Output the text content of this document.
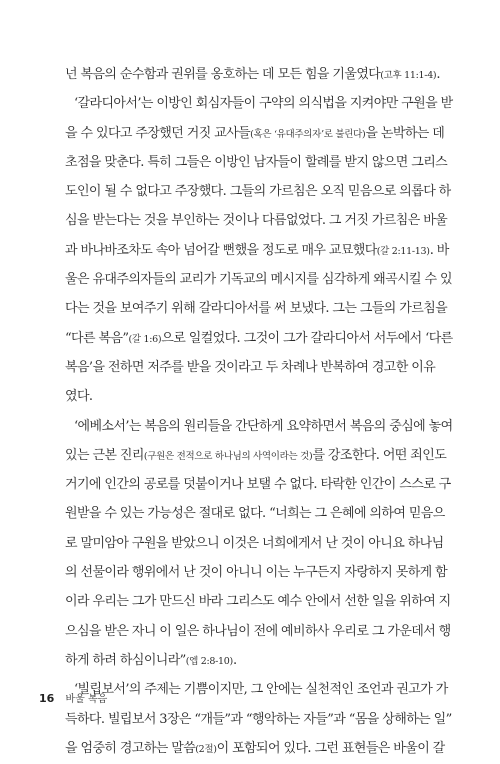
넌 복음의 순수함과 권위를 옹호하는 데 모든 힘을 기울였다(고후 11:1-4).
‘갈라디아서’는 이방인 회심자들이 구약의 의식법을 지켜야만 구원을 받
을 수 있다고 주장했던 거짓 교사들(혹은 ‘유대주의자’로 불린다)을 논박하는 데
초점을 맞춘다. 특히 그들은 이방인 남자들이 할례를 받지 않으면 그리스
도인이 될 수 없다고 주장했다. 그들의 가르침은 오직 믿음으로 의롭다 하
심을 받는다는 것을 부인하는 것이나 다름없었다. 그 거짓 가르침은 바울
과 바나바조차도 속아 넘어갈 뻔했을 정도로 매우 교묘했다(갈 2:11-13). 바
울은 유대주의자들의 교리가 기독교의 메시지를 심각하게 왜곡시킬 수 있
다는 것을 보여주기 위해 갈라디아서를 써 보냈다. 그는 그들의 가르침을
“다른 복음”(갈 1:6)으로 일컬었다. 그것이 그가 갈라디아서 서두에서 ‘다른
복음’을 전하면 저주를 받을 것이라고 두 차례나 반복하여 경고한 이유
였다.
‘에베소서’는 복음의 원리들을 간단하게 요약하면서 복음의 중심에 놓여
있는 근본 진리(구원은 전적으로 하나님의 사역이라는 것)를 강조한다. 어떤 죄인도
거기에 인간의 공로를 덧붙이거나 보탤 수 없다. 타락한 인간이 스스로 구
원받을 수 있는 가능성은 절대로 없다. “너희는 그 은혜에 의하여 믿음으
로 말미암아 구원을 받았으니 이것은 너희에게서 난 것이 아니요 하나님
의 선물이라 행위에서 난 것이 아니니 이는 누구든지 자랑하지 못하게 함
이라 우리는 그가 만드신 바라 그리스도 예수 안에서 선한 일을 위하여 지
으심을 받은 자니 이 일은 하나님이 전에 예비하사 우리로 그 가운데서 행
하게 하려 하심이니라”(엡 2:8-10).
‘빌립보서’의 주제는 기쁨이지만, 그 안에는 실천적인 조언과 권고가 가
득하다. 빌립보서 3장은 “개들”과 “행악하는 자들”과 “몸을 상해하는 일”
을 엄중히 경고하는 말씀(2절)이 포함되어 있다. 그런 표현들은 바울이 갈
16 바울 복음
